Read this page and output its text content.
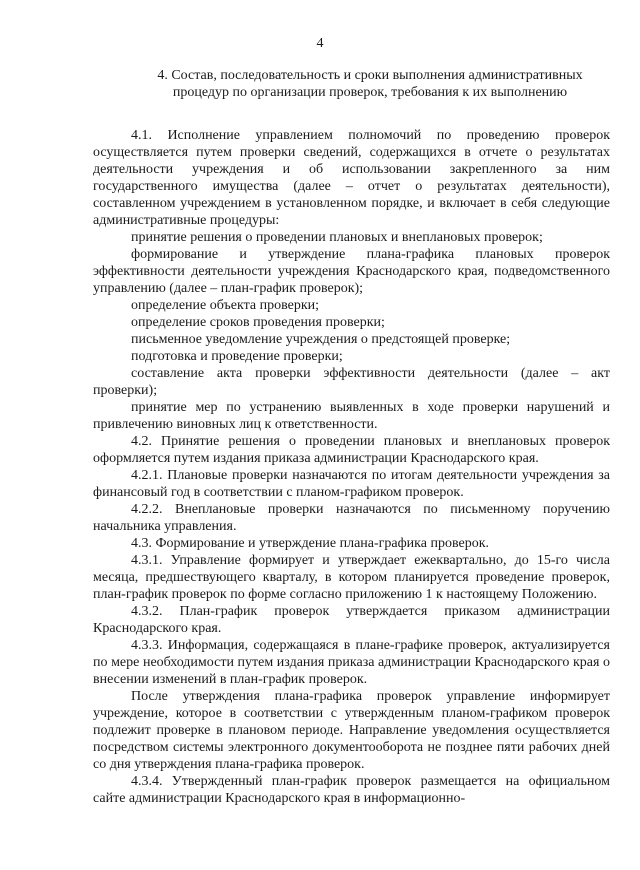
4
4. Состав, последовательность и сроки выполнения административных процедур по организации проверок, требования к их выполнению

4.1. Исполнение управлением полномочий по проведению проверок осуществляется путем проверки сведений, содержащихся в отчете о результатах деятельности учреждения и об использовании закрепленного за ним государственного имущества (далее – отчет о результатах деятельности), составленном учреждением в установленном порядке, и включает в себя следующие административные процедуры:

принятие решения о проведении плановых и внеплановых проверок;

формирование и утверждение плана-графика плановых проверок эффективности деятельности учреждения Краснодарского края, подведомственного управлению (далее – план-график проверок);

определение объекта проверки;

определение сроков проведения проверки;

письменное уведомление учреждения о предстоящей проверке;

подготовка и проведение проверки;

составление акта проверки эффективности деятельности (далее – акт проверки);

принятие мер по устранению выявленных в ходе проверки нарушений и привлечению виновных лиц к ответственности.

4.2. Принятие решения о проведении плановых и внеплановых проверок оформляется путем издания приказа администрации Краснодарского края.

4.2.1. Плановые проверки назначаются по итогам деятельности учреждения за финансовый год в соответствии с планом-графиком проверок.

4.2.2. Внеплановые проверки назначаются по письменному поручению начальника управления.

4.3. Формирование и утверждение плана-графика проверок.

4.3.1. Управление формирует и утверждает ежеквартально, до 15-го числа месяца, предшествующего кварталу, в котором планируется проведение проверок, план-график проверок по форме согласно приложению 1 к настоящему Положению.

4.3.2. План-график проверок утверждается приказом администрации Краснодарского края.

4.3.3. Информация, содержащаяся в плане-графике проверок, актуализируется по мере необходимости путем издания приказа администрации Краснодарского края о внесении изменений в план-график проверок.

После утверждения плана-графика проверок управление информирует учреждение, которое в соответствии с утвержденным планом-графиком проверок подлежит проверке в плановом периоде. Направление уведомления осуществляется посредством системы электронного документооборота не позднее пяти рабочих дней со дня утверждения плана-графика проверок.

4.3.4. Утвержденный план-график проверок размещается на официальном сайте администрации Краснодарского края в информационно-
